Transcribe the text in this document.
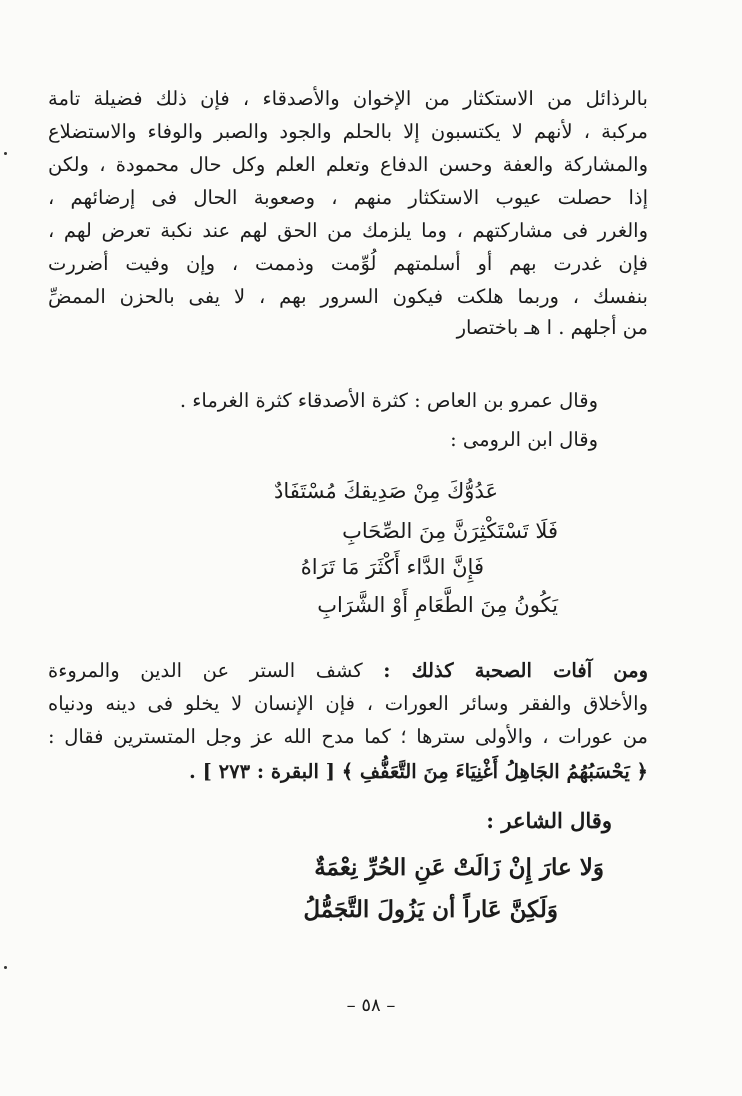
بالرذائل من الاستكثار من الإخوان والأصدقاء ، فإن ذلك فضيلة تامة
مركبة ، لأنهم لا يكتسبون إلا بالحلم والجود والصبر والوفاء والاستضلاع
والمشاركة والعفة وحسن الدفاع وتعلم العلم وكل حال محمودة ، ولكن
إذا حصلت عيوب الاستكثار منهم ، وصعوبة الحال فى إرضائهم ،
والغرر فى مشاركتهم ، وما يلزمك من الحق لهم عند نكبة تعرض لهم ،
فإن غدرت بهم أو أسلمتهم لُوِّمت وذممت ، وإن وفيت أضررت
بنفسك ، وربما هلكت فيكون السرور بهم ، لا يفى بالحزن الممضِّ
من أجلهم . ا هـ باختصار
وقال عمرو بن العاص : كثرة الأصدقاء كثرة الغرماء .
وقال ابن الرومى :
عَدُوُّكَ مِنْ صَدِيقكَ مُسْتَفَادٌ
فَلَا تَسْتَكْثِرَنَّ مِنَ الصِّحَابِ
فَإِنَّ الدَّاء أَكْثَرَ مَا تَرَاهُ
يَكُونُ مِنَ الطَّعَامِ أَوْ الشَّرَابِ
ومن آفات الصحبة كذلك : كشف الستر عن الدين والمروءة
والأخلاق والفقر وسائر العورات ، فإن الإنسان لا يخلو فى دينه ودنياه
من عورات ، والأولى سترها ؛ كما مدح الله عز وجل المتسترين فقال :
﴿ يَحْسَبُهُمُ الجَاهِلُ أَغْنِيَاءَ مِنَ التَّعَفُّفِ ﴾ [ البقرة : ٢٧٣ ] .
وقال الشاعر :
وَلا عارَ إِنْ زَالَتْ عَنِ الحُرِّ نِعْمَةٌ
وَلَكِنَّ عَاراً أن يَزُولَ التَّجَمُّلُ
– ٥٨ –
